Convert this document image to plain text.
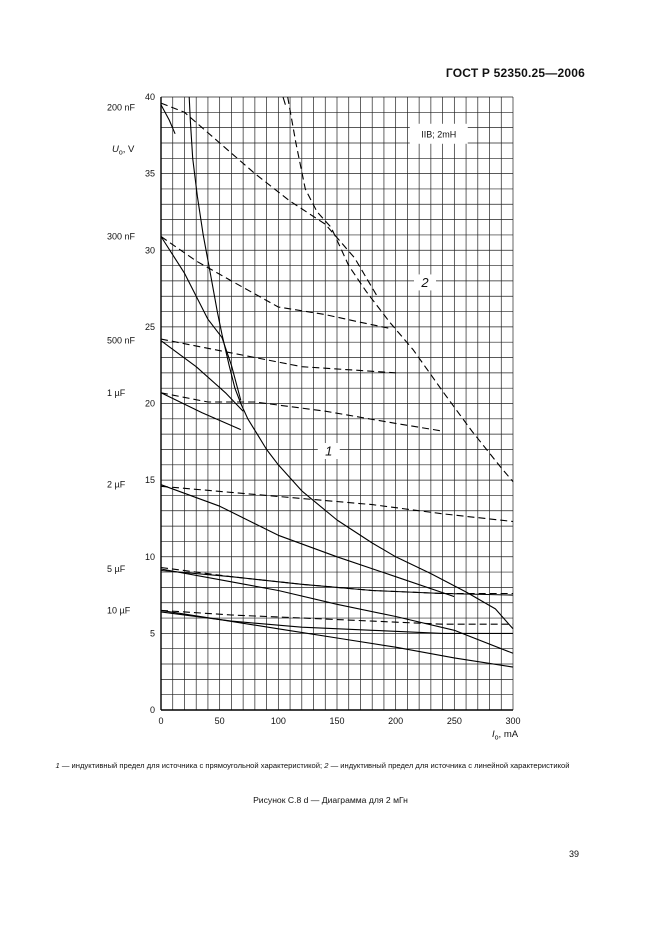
ГОСТ Р 52350.25—2006
0	50	100	150	200	250	300
0
5
10
15
20
25
30
35
40
200 nF
300 nF
500 nF
1 µF
2 µF
5 µF
10 µF
$U_o$, V
$I_o$, mA
IIB; 2mH
1
2
1 — индуктивный предел для источника с прямоугольной характеристикой; 2 — индуктивный предел для источника с линейной характеристикой
Рисунок С.8 d — Диаграмма для 2 мГн
39
